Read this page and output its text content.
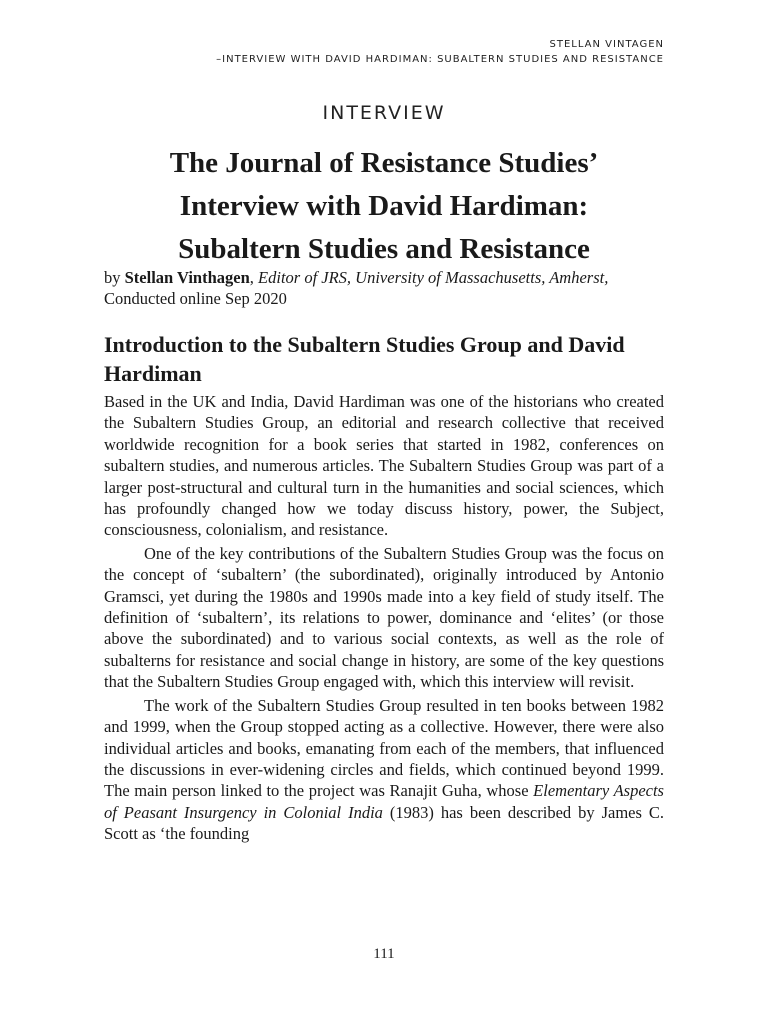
STELLAN VINTAGEN
–INTERVIEW WITH DAVID HARDIMAN: SUBALTERN STUDIES AND RESISTANCE
INTERVIEW
The Journal of Resistance Studies’
Interview with David Hardiman:
Subaltern Studies and Resistance
by Stellan Vinthagen, Editor of JRS, University of Massachusetts, Amherst,
Conducted online Sep 2020
Introduction to the Subaltern Studies Group and David Hardiman

Based in the UK and India, David Hardiman was one of the historians who created the Subaltern Studies Group, an editorial and research collective that received worldwide recognition for a book series that started in 1982, conferences on subaltern studies, and numerous articles. The Subaltern Studies Group was part of a larger post-structural and cultural turn in the humanities and social sciences, which has profoundly changed how we today discuss history, power, the Subject, consciousness, colonialism, and resistance.

One of the key contributions of the Subaltern Studies Group was the focus on the concept of ‘subaltern’ (the subordinated), originally introduced by Antonio Gramsci, yet during the 1980s and 1990s made into a key field of study itself. The definition of ‘subaltern’, its relations to power, dominance and ‘elites’ (or those above the subordinated) and to various social contexts, as well as the role of subalterns for resistance and social change in history, are some of the key questions that the Subaltern Studies Group engaged with, which this interview will revisit.

The work of the Subaltern Studies Group resulted in ten books between 1982 and 1999, when the Group stopped acting as a collective. However, there were also individual articles and books, emanating from each of the members, that influenced the discussions in ever-widening circles and fields, which continued beyond 1999. The main person linked to the project was Ranajit Guha, whose Elementary Aspects of Peasant Insurgency in Colonial India (1983) has been described by James C. Scott as ‘the founding

111
